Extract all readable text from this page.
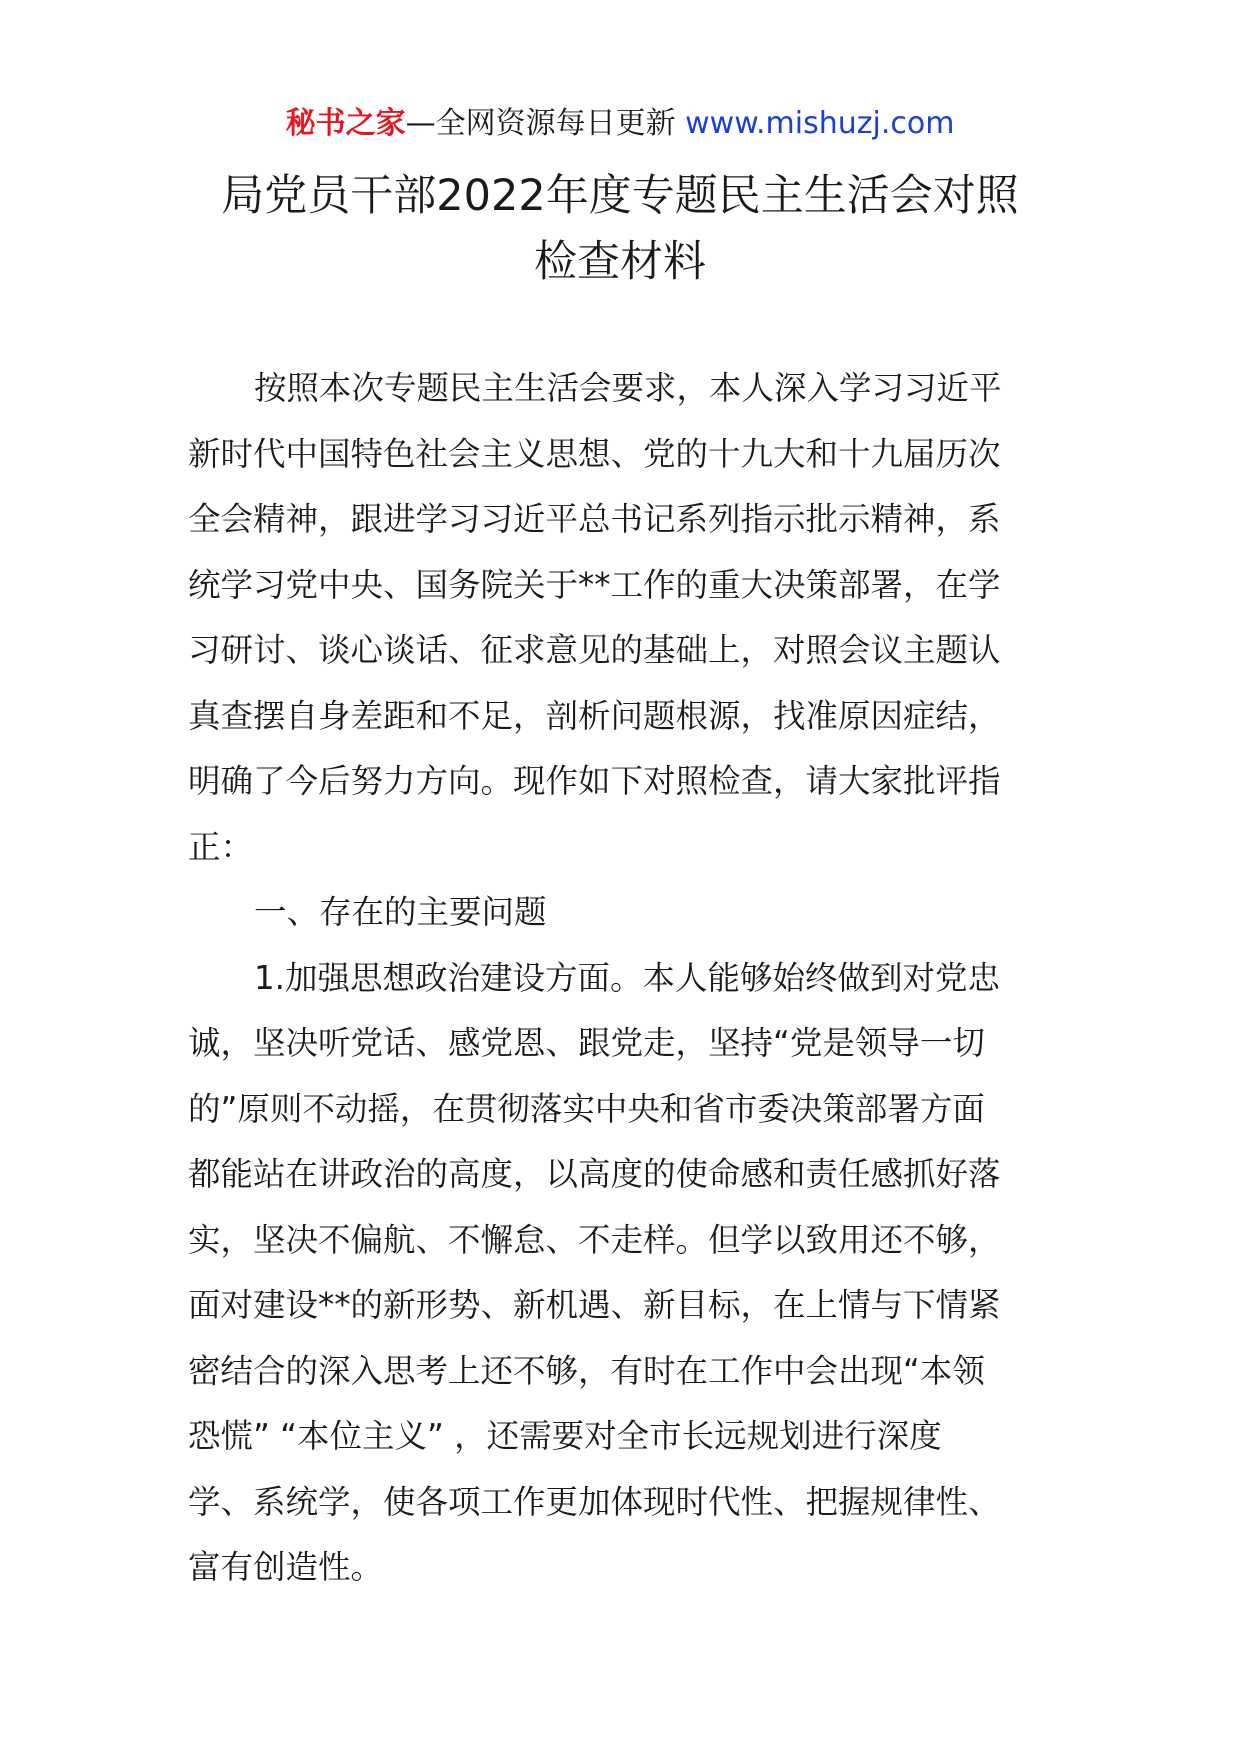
秘书之家—全网资源每日更新 www.mishuzj.com
局党员干部2022年度专题民主生活会对照
检查材料
按照本次专题民主生活会要求，本人深入学习习近平
新时代中国特色社会主义思想、党的十九大和十九届历次
全会精神，跟进学习习近平总书记系列指示批示精神，系
统学习党中央、国务院关于**工作的重大决策部署，在学
习研讨、谈心谈话、征求意见的基础上，对照会议主题认
真查摆自身差距和不足，剖析问题根源，找准原因症结，
明确了今后努力方向。现作如下对照检查，请大家批评指
正：
一、存在的主要问题
1.加强思想政治建设方面。本人能够始终做到对党忠
诚，坚决听党话、感党恩、跟党走，坚持“党是领导一切
的”原则不动摇，在贯彻落实中央和省市委决策部署方面
都能站在讲政治的高度，以高度的使命感和责任感抓好落
实，坚决不偏航、不懈怠、不走样。但学以致用还不够，
面对建设**的新形势、新机遇、新目标，在上情与下情紧
密结合的深入思考上还不够，有时在工作中会出现“本领
恐慌” “本位主义” ，还需要对全市长远规划进行深度
学、系统学，使各项工作更加体现时代性、把握规律性、
富有创造性。
